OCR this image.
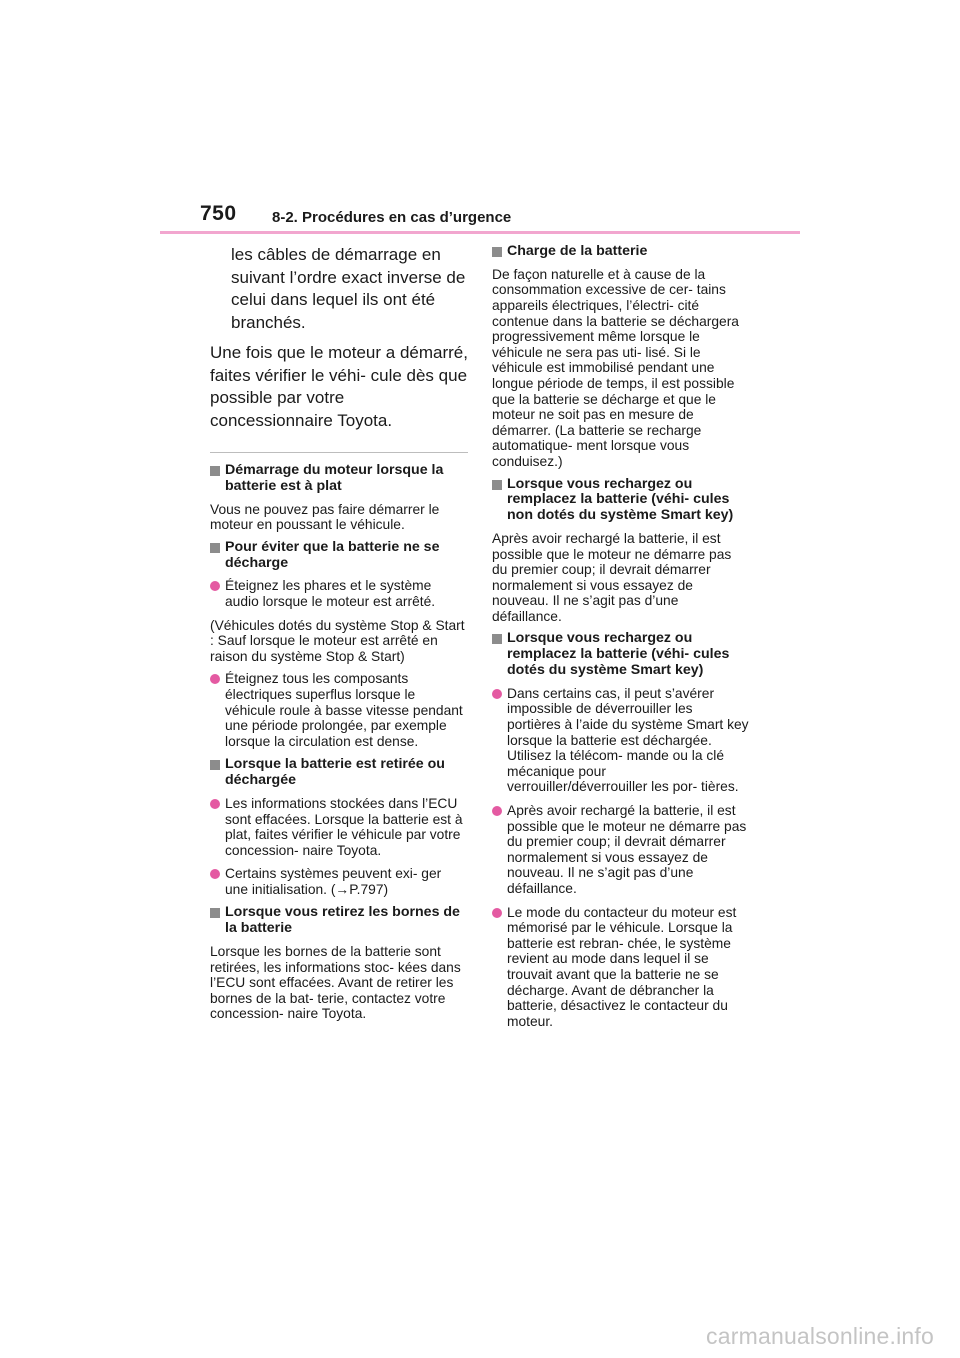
750 8-2. Procédures en cas d’urgence

les câbles de démarrage en suivant l’ordre exact inverse de celui dans lequel ils ont été branchés.

Une fois que le moteur a démarré, faites vérifier le véhi- cule dès que possible par votre concessionnaire Toyota.

Démarrage du moteur lorsque la batterie est à plat

Vous ne pouvez pas faire démarrer le moteur en poussant le véhicule.

Pour éviter que la batterie ne se décharge
Éteignez les phares et le système audio lorsque le moteur est arrêté.

(Véhicules dotés du système Stop & Start : Sauf lorsque le moteur est arrêté en raison du système Stop & Start)

Éteignez tous les composants électriques superflus lorsque le véhicule roule à basse vitesse pendant une période prolongée, par exemple lorsque la circulation est dense.
Lorsque la batterie est retirée ou déchargée
Les informations stockées dans l’ECU sont effacées. Lorsque la batterie est à plat, faites vérifier le véhicule par votre concession- naire Toyota.
Certains systèmes peuvent exi- ger une initialisation. (→P.797)
Lorsque vous retirez les bornes de la batterie

Lorsque les bornes de la batterie sont retirées, les informations stoc- kées dans l’ECU sont effacées. Avant de retirer les bornes de la bat- terie, contactez votre concession- naire Toyota.

Charge de la batterie

De façon naturelle et à cause de la consommation excessive de cer- tains appareils électriques, l’électri- cité contenue dans la batterie se déchargera progressivement même lorsque le véhicule ne sera pas uti- lisé. Si le véhicule est immobilisé pendant une longue période de temps, il est possible que la batterie se décharge et que le moteur ne soit pas en mesure de démarrer. (La batterie se recharge automatique- ment lorsque vous conduisez.)

Lorsque vous rechargez ou remplacez la batterie (véhi- cules non dotés du système Smart key)

Après avoir rechargé la batterie, il est possible que le moteur ne démarre pas du premier coup; il devrait démarrer normalement si vous essayez de nouveau. Il ne s’agit pas d’une défaillance.

Lorsque vous rechargez ou remplacez la batterie (véhi- cules dotés du système Smart key)
Dans certains cas, il peut s’avérer impossible de déverrouiller les portières à l’aide du système Smart key lorsque la batterie est déchargée. Utilisez la télécom- mande ou la clé mécanique pour verrouiller/déverrouiller les por- tières.
Après avoir rechargé la batterie, il est possible que le moteur ne démarre pas du premier coup; il devrait démarrer normalement si vous essayez de nouveau. Il ne s’agit pas d’une défaillance.
Le mode du contacteur du moteur est mémorisé par le véhicule. Lorsque la batterie est rebran- chée, le système revient au mode dans lequel il se trouvait avant que la batterie ne se décharge. Avant de débrancher la batterie, désactivez le contacteur du moteur.
carmanualsonline.info
